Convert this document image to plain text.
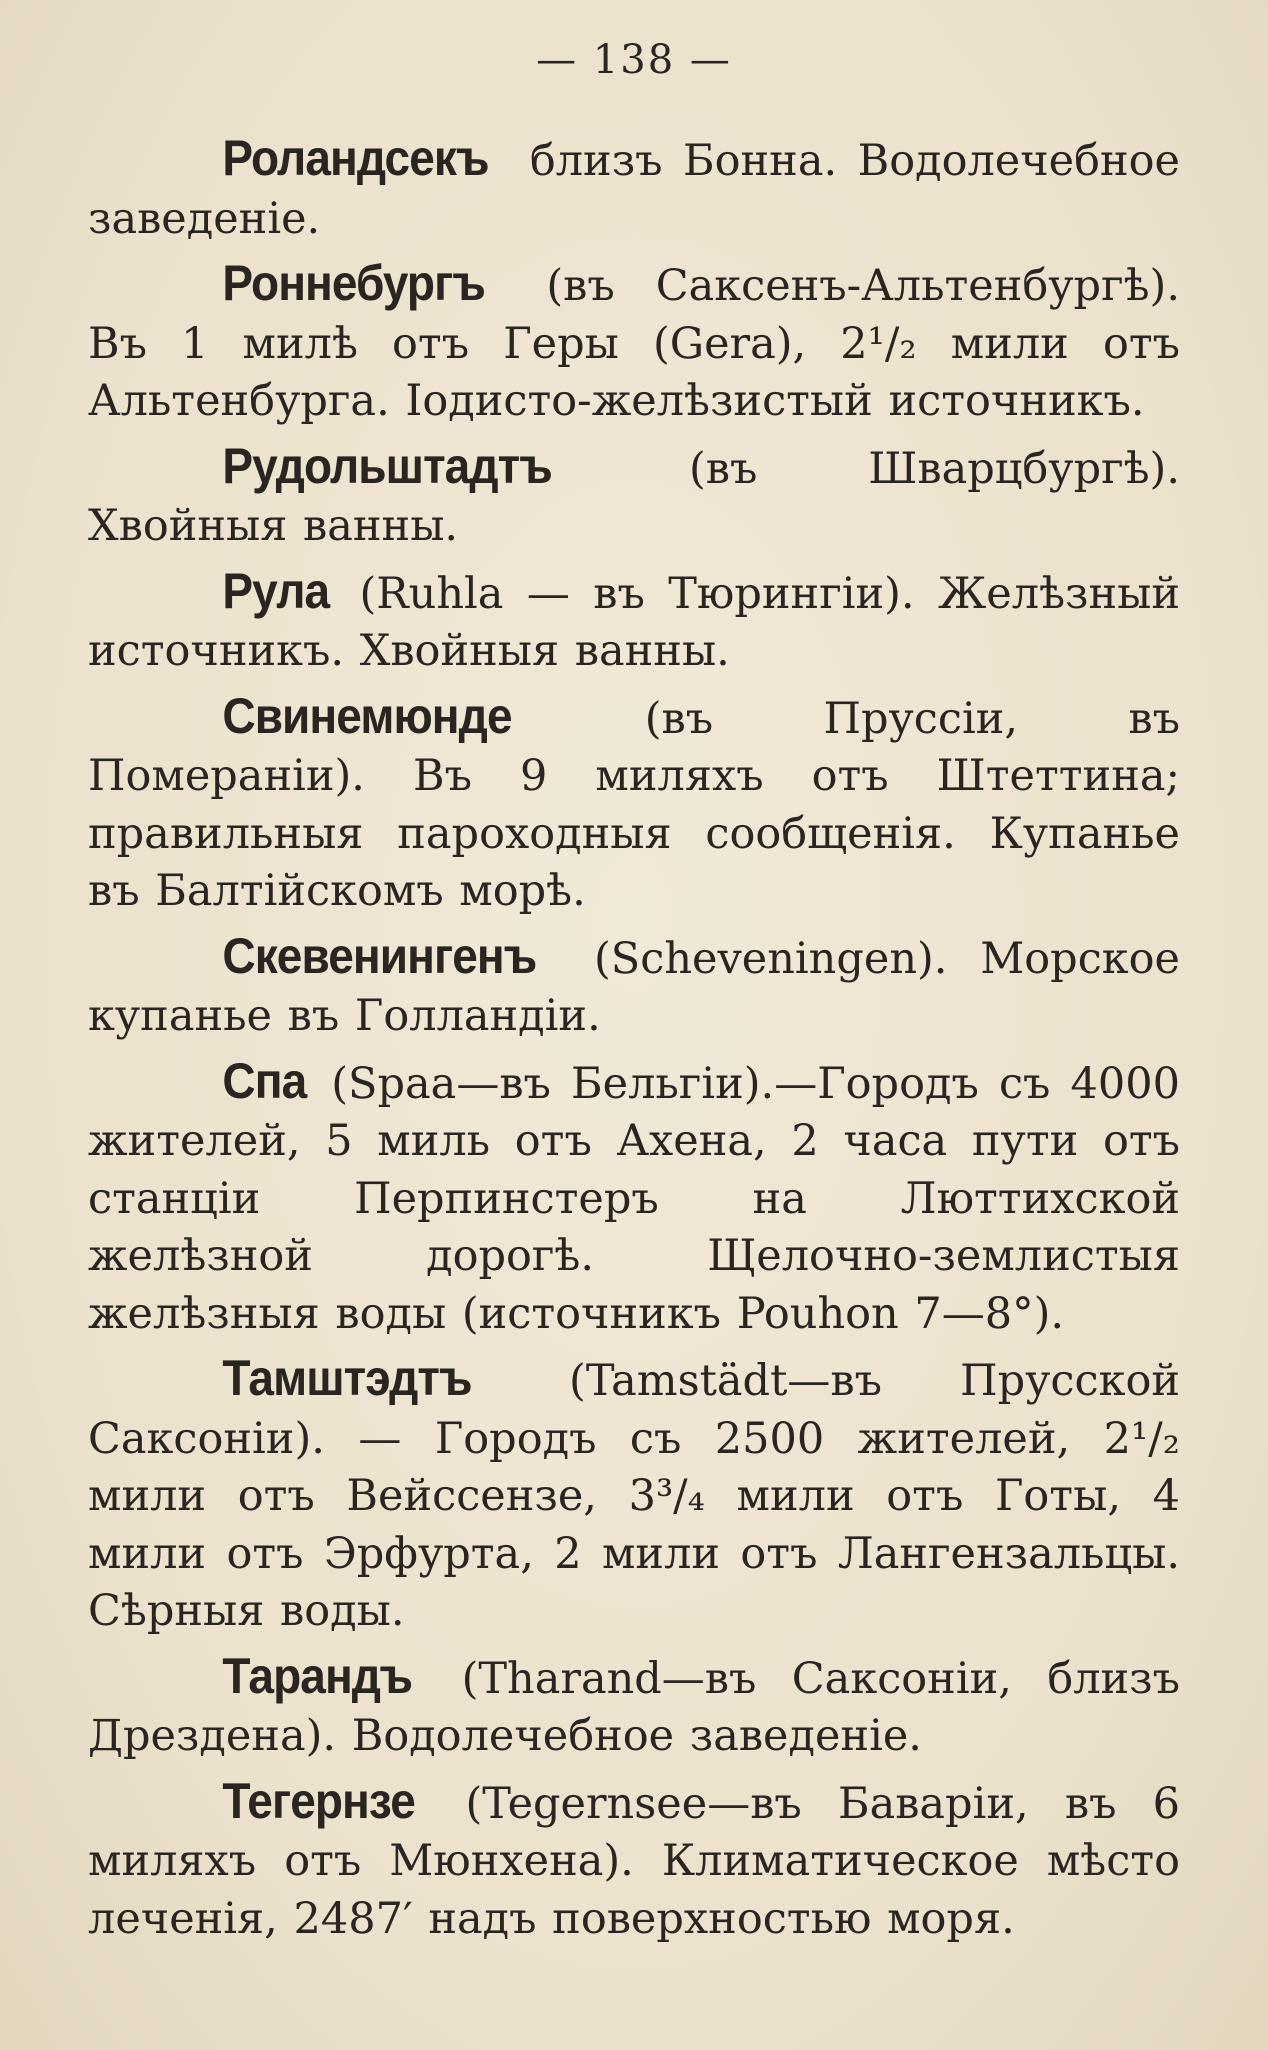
— 138 —

Роландсекъ близъ Бонна. Водолечебное заведеніе.

Роннебургъ (въ Саксенъ-Альтенбургѣ). Въ 1 милѣ отъ Геры (Gera), 2¹/₂ мили отъ Альтенбурга. Іодисто-желѣзистый источникъ.

Рудольштадтъ (въ Шварцбургѣ). Хвойныя ванны.

Рула (Ruhla — въ Тюрингіи). Желѣзный источникъ. Хвойныя ванны.

Свинемюнде (въ Пруссіи, въ Помераніи). Въ 9 миляхъ отъ Штеттина; правильныя пароходныя сообщенія. Купанье въ Балтійскомъ морѣ.

Скевенингенъ (Scheveningen). Морское купанье въ Голландіи.

Спа (Spaa—въ Бельгіи).—Городъ съ 4000 жителей, 5 миль отъ Ахена, 2 часа пути отъ станціи Перпинстеръ на Люттихской желѣзной дорогѣ. Щелочно-землистыя желѣзныя воды (источникъ Pouhon 7—8°).

Тамштэдтъ (Tamstädt—въ Прусской Саксоніи). — Городъ съ 2500 жителей, 2¹/₂ мили отъ Вейссензе, 3³/₄ мили отъ Готы, 4 мили отъ Эрфурта, 2 мили отъ Лангензальцы. Сѣрныя воды.

Тарандъ (Tharand—въ Саксоніи, близъ Дрездена). Водолечебное заведеніе.

Тегернзе (Tegernsee—въ Баваріи, въ 6 миляхъ отъ Мюнхена). Климатическое мѣсто леченія, 2487′ надъ поверхностью моря.
